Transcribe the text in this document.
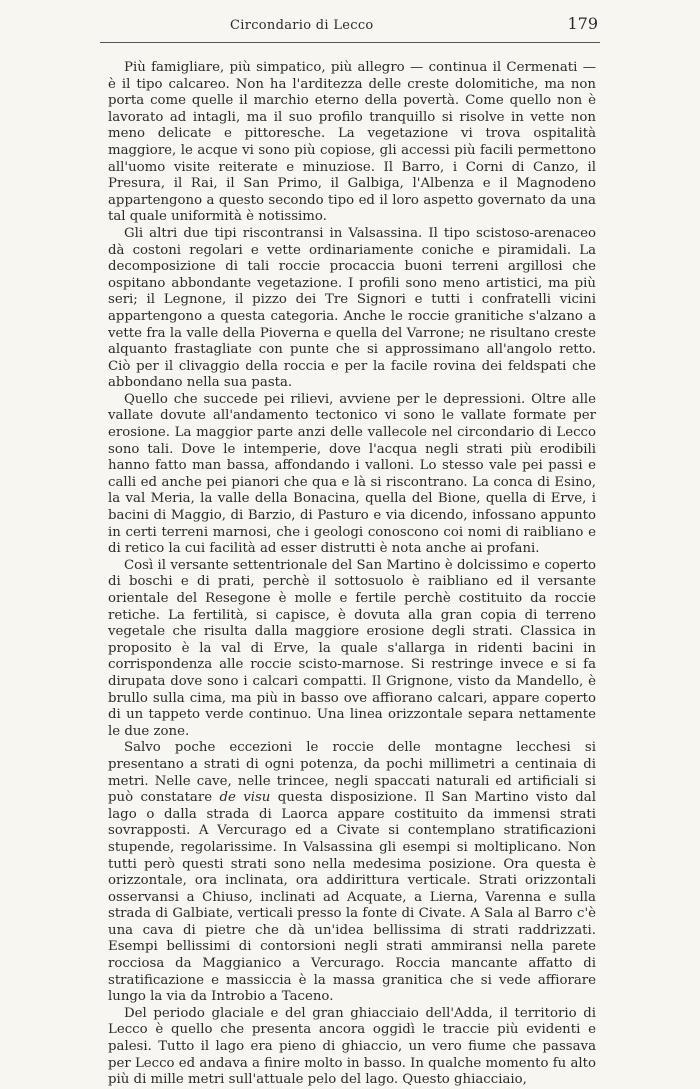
Circondario di Lecco	179

Più famigliare, più simpatico, più allegro — continua il Cermenati — è il tipo calcareo. Non ha l'arditezza delle creste dolomitiche, ma non porta come quelle il marchio eterno della povertà. Come quello non è lavorato ad intagli, ma il suo profilo tranquillo si risolve in vette non meno delicate e pittoresche. La vegetazione vi trova ospitalità maggiore, le acque vi sono più copiose, gli accessi più facili permettono all'uomo visite reiterate e minuziose. Il Barro, i Corni di Canzo, il Presura, il Rai, il San Primo, il Galbiga, l'Albenza e il Magnodeno appartengono a questo secondo tipo ed il loro aspetto governato da una tal quale uniformità è notissimo.

Gli altri due tipi riscontransi in Valsassina. Il tipo scistoso-arenaceo dà costoni regolari e vette ordinariamente coniche e piramidali. La decomposizione di tali roccie procaccia buoni terreni argillosi che ospitano abbondante vegetazione. I profili sono meno artistici, ma più seri; il Legnone, il pizzo dei Tre Signori e tutti i confratelli vicini appartengono a questa categoria. Anche le roccie granitiche s'alzano a vette fra la valle della Pioverna e quella del Varrone; ne risultano creste alquanto frastagliate con punte che si approssimano all'angolo retto. Ciò per il clivaggio della roccia e per la facile rovina dei feldspati che abbondano nella sua pasta.

Quello che succede pei rilievi, avviene per le depressioni. Oltre alle vallate dovute all'andamento tectonico vi sono le vallate formate per erosione. La maggior parte anzi delle vallecole nel circondario di Lecco sono tali. Dove le intemperie, dove l'acqua negli strati più erodibili hanno fatto man bassa, affondando i valloni. Lo stesso vale pei passi e calli ed anche pei pianori che qua e là si riscontrano. La conca di Esino, la val Meria, la valle della Bonacina, quella del Bione, quella di Erve, i bacini di Maggio, di Barzio, di Pasturo e via dicendo, infossano appunto in certi terreni marnosi, che i geologi conoscono coi nomi di raibliano e di retico la cui facilità ad esser distrutti è nota anche ai profani.

Così il versante settentrionale del San Martino è dolcissimo e coperto di boschi e di prati, perchè il sottosuolo è raibliano ed il versante orientale del Resegone è molle e fertile perchè costituito da roccie retiche. La fertilità, si capisce, è dovuta alla gran copia di terreno vegetale che risulta dalla maggiore erosione degli strati. Classica in proposito è la val di Erve, la quale s'allarga in ridenti bacini in corrispondenza alle roccie scisto-marnose. Si restringe invece e si fa dirupata dove sono i calcari compatti. Il Grignone, visto da Mandello, è brullo sulla cima, ma più in basso ove affiorano calcari, appare coperto di un tappeto verde continuo. Una linea orizzontale separa nettamente le due zone.

Salvo poche eccezioni le roccie delle montagne lecchesi si presentano a strati di ogni potenza, da pochi millimetri a centinaia di metri. Nelle cave, nelle trincee, negli spaccati naturali ed artificiali si può constatare de visu questa disposizione. Il San Martino visto dal lago o dalla strada di Laorca appare costituito da immensi strati sovrapposti. A Vercurago ed a Civate si contemplano stratificazioni stupende, regolarissime. In Valsassina gli esempi si moltiplicano. Non tutti però questi strati sono nella medesima posizione. Ora questa è orizzontale, ora inclinata, ora addirittura verticale. Strati orizzontali osservansi a Chiuso, inclinati ad Acquate, a Lierna, Varenna e sulla strada di Galbiate, verticali presso la fonte di Civate. A Sala al Barro c'è una cava di pietre che dà un'idea bellissima di strati raddrizzati. Esempi bellissimi di contorsioni negli strati ammiransi nella parete rocciosa da Maggianico a Vercurago. Roccia mancante affatto di stratificazione e massiccia è la massa granitica che si vede affiorare lungo la via da Introbio a Taceno.

Del periodo glaciale e del gran ghiacciaio dell'Adda, il territorio di Lecco è quello che presenta ancora oggidì le traccie più evidenti e palesi. Tutto il lago era pieno di ghiaccio, un vero fiume che passava per Lecco ed andava a finire molto in basso. In qualche momento fu alto più di mille metri sull'attuale pelo del lago. Questo ghiacciaio,
